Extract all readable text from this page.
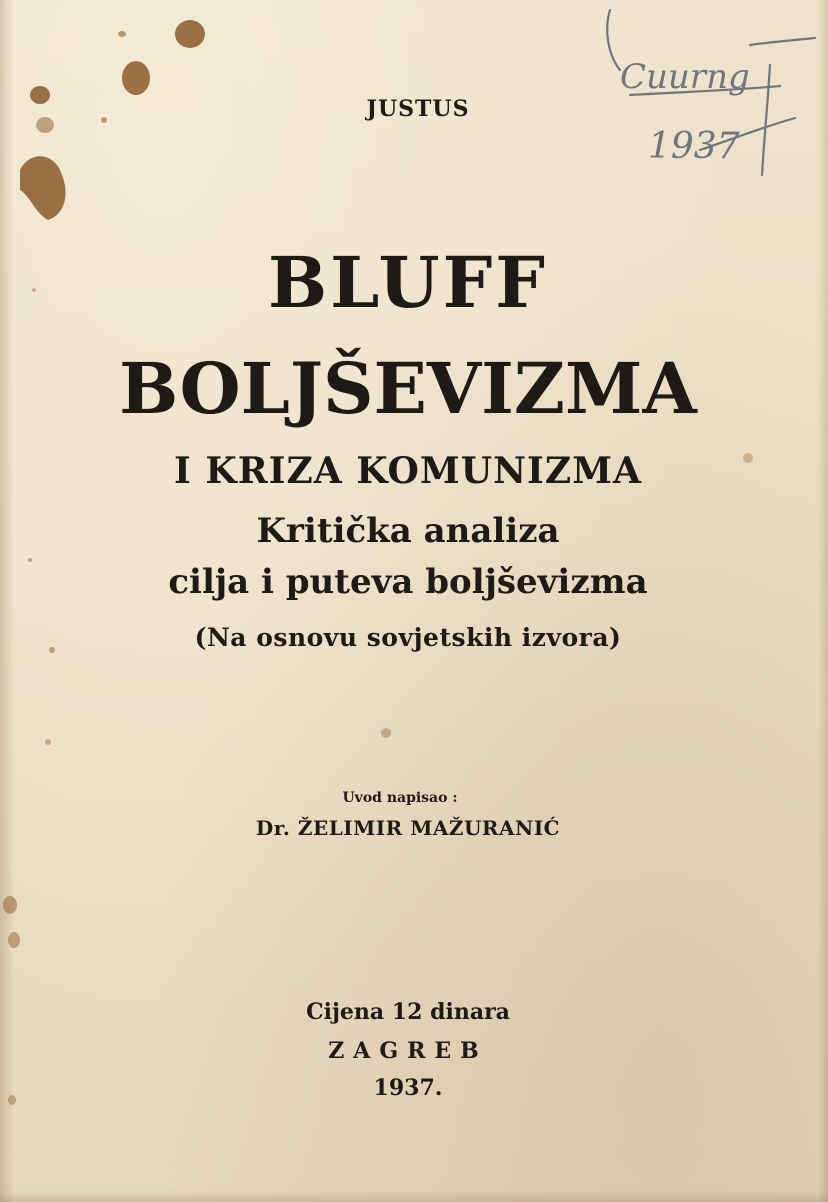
Cuurng
1937
JUSTUS
BLUFF
BOLJŠEVIZMA
I KRIZA KOMUNIZMA
Kritička analiza
cilja i puteva boljševizma
(Na osnovu sovjetskih izvora)
Uvod napisao :
Dr. ŽELIMIR MAŽURANIĆ
Cijena 12 dinara
ZAGREB
1937.
